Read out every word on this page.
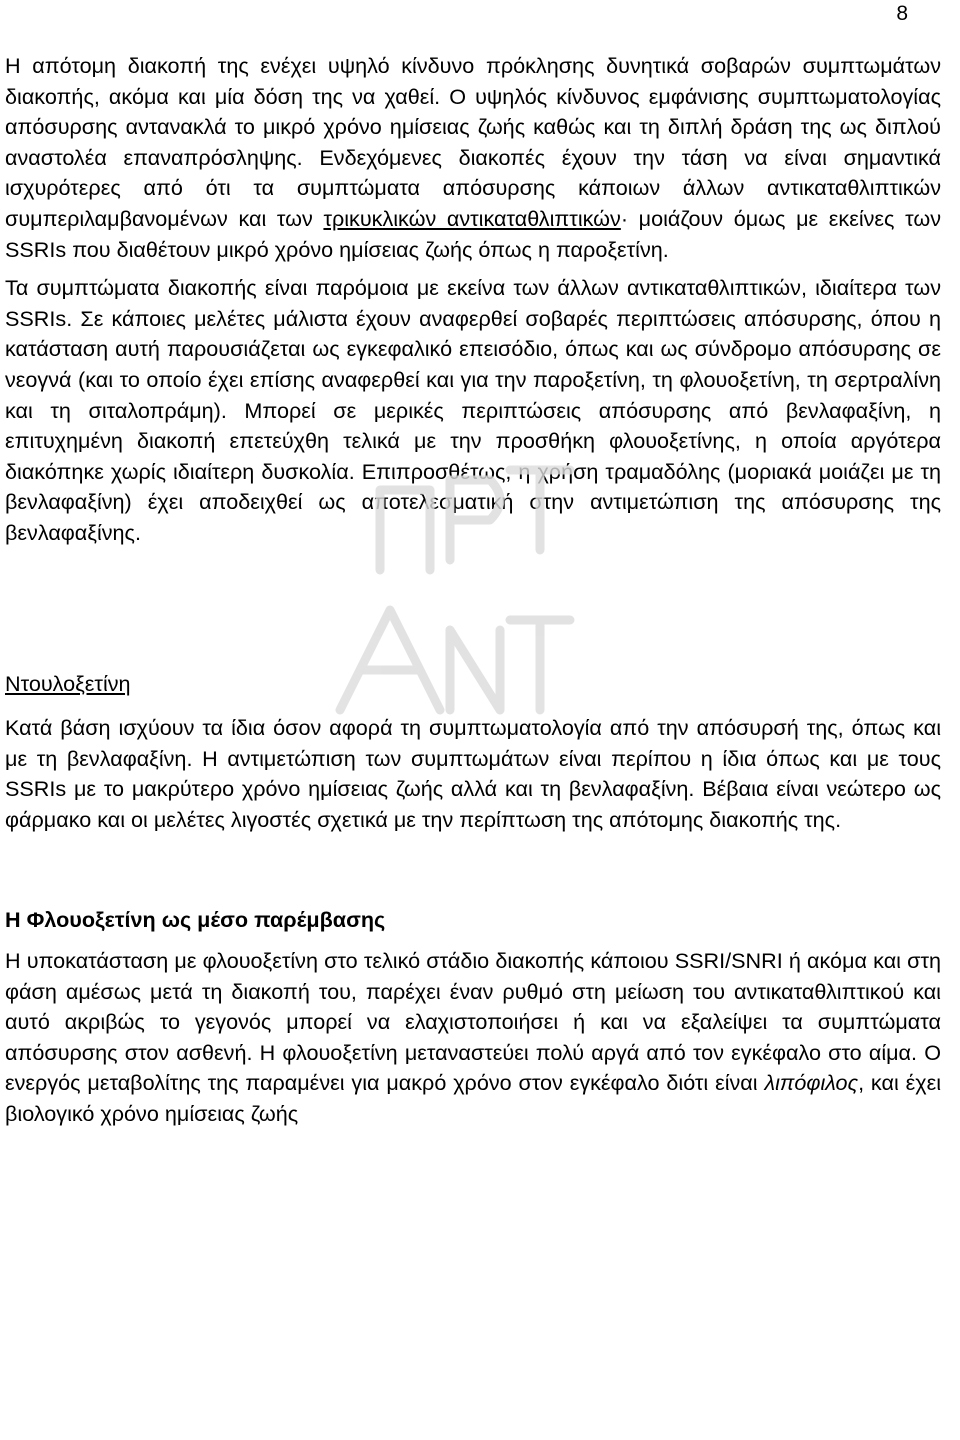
8

Η απότομη διακοπή της ενέχει υψηλό κίνδυνο πρόκλησης δυνητικά σοβαρών συμπτωμάτων διακοπής, ακόμα και μία δόση της να χαθεί. Ο υψηλός κίνδυνος εμφάνισης συμπτωματολογίας απόσυρσης αντανακλά το μικρό χρόνο ημίσειας ζωής καθώς και τη διπλή δράση της ως διπλού αναστολέα επαναπρόσληψης. Ενδεχόμενες διακοπές έχουν την τάση να είναι σημαντικά ισχυρότερες από ότι τα συμπτώματα απόσυρσης κάποιων άλλων αντικαταθλιπτικών συμπεριλαμβανομένων και των τρικυκλικών αντικαταθλιπτικών· μοιάζουν όμως με εκείνες των SSRIs που διαθέτουν μικρό χρόνο ημίσειας ζωής όπως η παροξετίνη.

Τα συμπτώματα διακοπής είναι παρόμοια με εκείνα των άλλων αντικαταθλιπτικών, ιδιαίτερα των SSRIs. Σε κάποιες μελέτες μάλιστα έχουν αναφερθεί σοβαρές περιπτώσεις απόσυρσης, όπου η κατάσταση αυτή παρουσιάζεται ως εγκεφαλικό επεισόδιο, όπως και ως σύνδρομο απόσυρσης σε νεογνά (και το οποίο έχει επίσης αναφερθεί και για την παροξετίνη, τη φλουοξετίνη, τη σερτραλίνη και τη σιταλοπράμη). Μπορεί σε μερικές περιπτώσεις απόσυρσης από βενλαφαξίνη, η επιτυχημένη διακοπή επετεύχθη τελικά με την προσθήκη φλουοξετίνης, η οποία αργότερα διακόπηκε χωρίς ιδιαίτερη δυσκολία. Επιπροσθέτως, η χρήση τραμαδόλης (μοριακά μοιάζει με τη βενλαφαξίνη) έχει αποδειχθεί ως αποτελεσματική στην αντιμετώπιση της απόσυρσης της βενλαφαξίνης.

Ντουλοξετίνη

Κατά βάση ισχύουν τα ίδια όσον αφορά τη συμπτωματολογία από την απόσυρσή της, όπως και με τη βενλαφαξίνη. Η αντιμετώπιση των συμπτωμάτων είναι περίπου η ίδια όπως και με τους SSRIs με το μακρύτερο χρόνο ημίσειας ζωής αλλά και τη βενλαφαξίνη. Βέβαια είναι νεώτερο ως φάρμακο και οι μελέτες λιγοστές σχετικά με την περίπτωση της απότομης διακοπής της.

Η Φλουοξετίνη ως μέσο παρέμβασης

Η υποκατάσταση με φλουοξετίνη στο τελικό στάδιο διακοπής κάποιου SSRI/SNRI ή ακόμα και στη φάση αμέσως μετά τη διακοπή του, παρέχει έναν ρυθμό στη μείωση του αντικαταθλιπτικού και αυτό ακριβώς το γεγονός μπορεί να ελαχιστοποιήσει ή και να εξαλείψει τα συμπτώματα απόσυρσης στον ασθενή. Η φλουοξετίνη μεταναστεύει πολύ αργά από τον εγκέφαλο στο αίμα. Ο ενεργός μεταβολίτης της παραμένει για μακρό χρόνο στον εγκέφαλο διότι είναι λιπόφιλος, και έχει βιολογικό χρόνο ημίσειας ζωής
